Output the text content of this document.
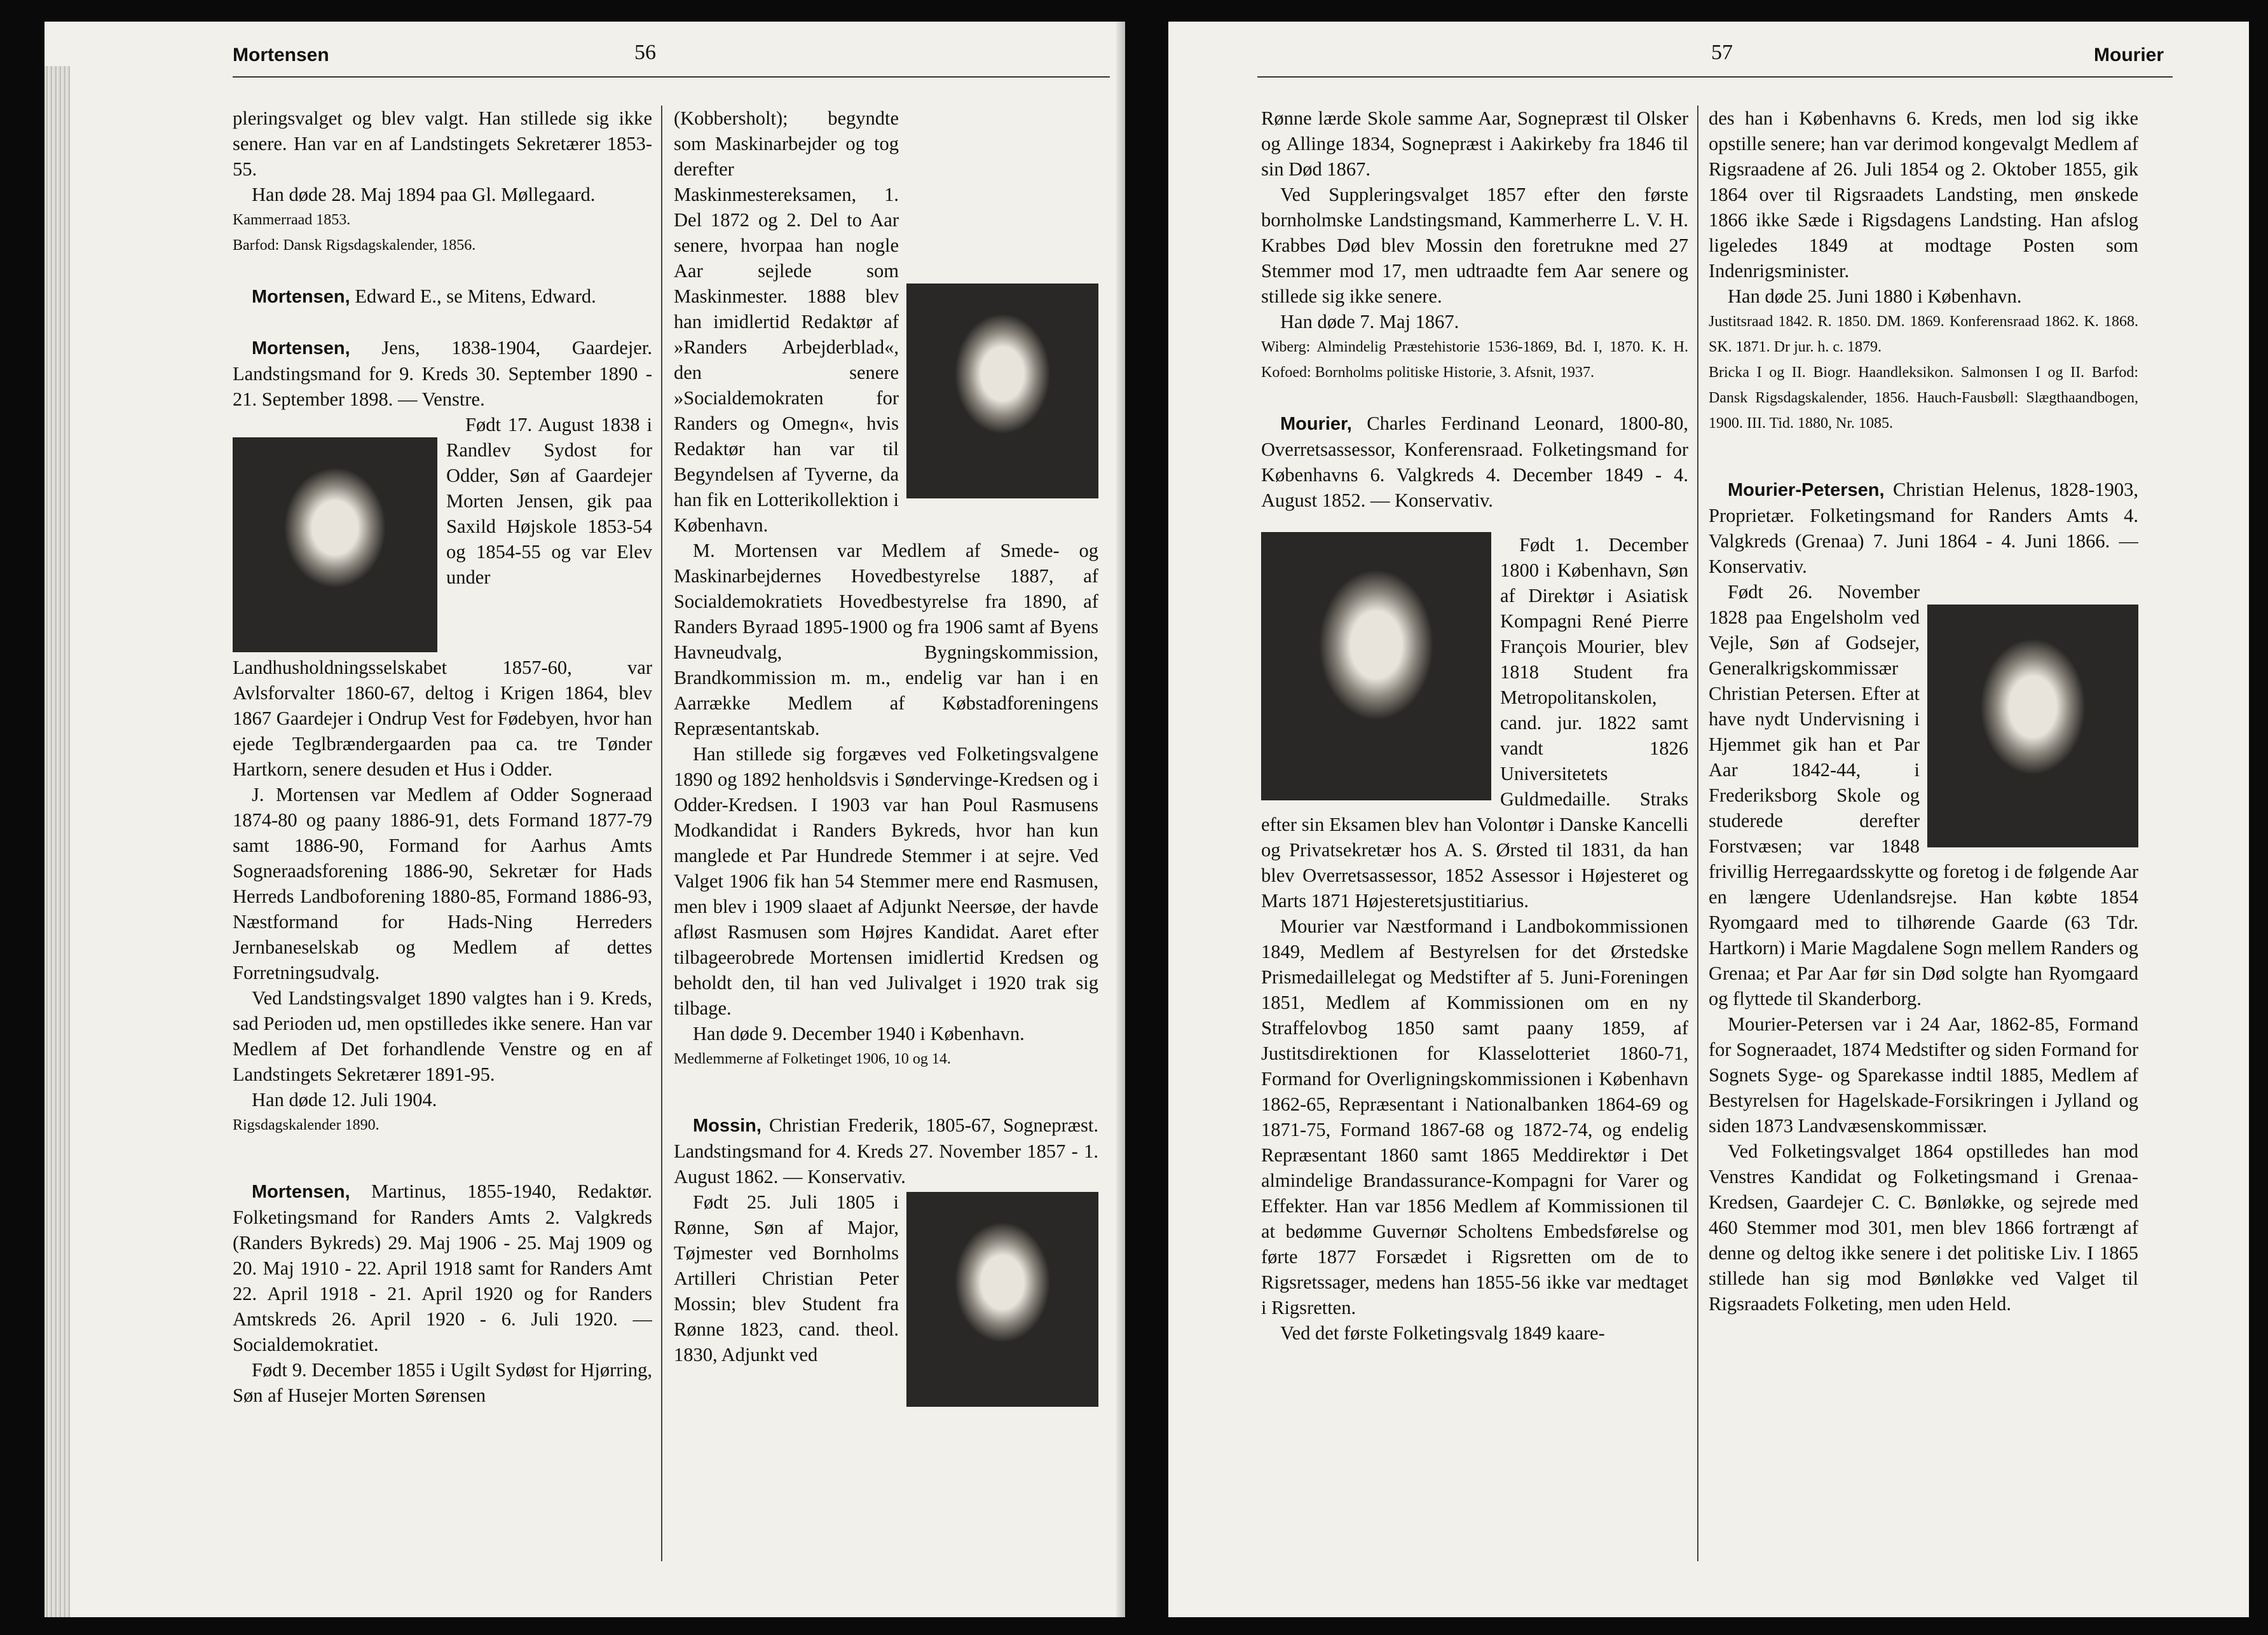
Mortensen	56

pleringsvalget og blev valgt. Han stillede sig ikke senere. Han var en af Landstingets Sekretærer 1853-55.

Han døde 28. Maj 1894 paa Gl. Møllegaard.

Kammerraad 1853.

Barfod: Dansk Rigsdagskalender, 1856.

Mortensen, Edward E., se Mitens, Edward.

Mortensen, Jens, 1838-1904, Gaardejer. Landstingsmand for 9. Kreds 30. September 1890 - 21. September 1898. — Venstre.

Født 17. August 1838 i Randlev Sydost for Odder, Søn af Gaardejer Morten Jensen, gik paa Saxild Højskole 1853-54 og 1854-55 og var Elev under Landhusholdningsselskabet 1857-60, var Avlsforvalter 1860-67, deltog i Krigen 1864, blev 1867 Gaardejer i Ondrup Vest for Fødebyen, hvor han ejede Teglbrændergaarden paa ca. tre Tønder Hartkorn, senere desuden et Hus i Odder.

J. Mortensen var Medlem af Odder Sogneraad 1874-80 og paany 1886-91, dets Formand 1877-79 samt 1886-90, Formand for Aarhus Amts Sogneraadsforening 1886-90, Sekretær for Hads Herreds Landboforening 1880-85, Formand 1886-93, Næstformand for Hads-Ning Herreders Jernbaneselskab og Medlem af dettes Forretningsudvalg.

Ved Landstingsvalget 1890 valgtes han i 9. Kreds, sad Perioden ud, men opstilledes ikke senere. Han var Medlem af Det forhandlende Venstre og en af Landstingets Sekretærer 1891-95.

Han døde 12. Juli 1904.

Rigsdagskalender 1890.

Mortensen, Martinus, 1855-1940, Redaktør. Folketingsmand for Randers Amts 2. Valgkreds (Randers Bykreds) 29. Maj 1906 - 25. Maj 1909 og 20. Maj 1910 - 22. April 1918 samt for Randers Amt 22. April 1918 - 21. April 1920 og for Randers Amtskreds 26. April 1920 - 6. Juli 1920. — Socialdemokratiet.

Født 9. December 1855 i Ugilt Sydøst for Hjørring, Søn af Husejer Morten Sørensen

(Kobbersholt); begyndte som Maskinarbejder og tog derefter Maskinmestereksamen, 1. Del 1872 og 2. Del to Aar senere, hvorpaa han nogle Aar sejlede som Maskinmester. 1888 blev han imidlertid Redaktør af »Randers Arbejderblad«, den senere »Socialdemokraten for Randers og Omegn«, hvis Redaktør han var til Begyndelsen af Tyverne, da han fik en Lotterikollektion i København.

M. Mortensen var Medlem af Smede- og Maskinarbejdernes Hovedbestyrelse 1887, af Socialdemokratiets Hovedbestyrelse fra 1890, af Randers Byraad 1895-1900 og fra 1906 samt af Byens Havneudvalg, Bygningskommission, Brandkommission m. m., endelig var han i en Aarrække Medlem af Købstadforeningens Repræsentantskab.

Han stillede sig forgæves ved Folketingsvalgene 1890 og 1892 henholdsvis i Søndervinge-Kredsen og i Odder-Kredsen. I 1903 var han Poul Rasmusens Modkandidat i Randers Bykreds, hvor han kun manglede et Par Hundrede Stemmer i at sejre. Ved Valget 1906 fik han 54 Stemmer mere end Rasmusen, men blev i 1909 slaaet af Adjunkt Neersøe, der havde afløst Rasmusen som Højres Kandidat. Aaret efter tilbageerobrede Mortensen imidlertid Kredsen og beholdt den, til han ved Julivalget i 1920 trak sig tilbage.

Han døde 9. December 1940 i København.

Medlemmerne af Folketinget 1906, 10 og 14.

Mossin, Christian Frederik, 1805-67, Sognepræst. Landstingsmand for 4. Kreds 27. November 1857 - 1. August 1862. — Konservativ.

Født 25. Juli 1805 i Rønne, Søn af Major, Tøjmester ved Bornholms Artilleri Christian Peter Mossin; blev Student fra Rønne 1823, cand. theol. 1830, Adjunkt ved

57	Mourier

Rønne lærde Skole samme Aar, Sognepræst til Olsker og Allinge 1834, Sognepræst i Aakirkeby fra 1846 til sin Død 1867.

Ved Suppleringsvalget 1857 efter den første bornholmske Landstingsmand, Kammerherre L. V. H. Krabbes Død blev Mossin den foretrukne med 27 Stemmer mod 17, men udtraadte fem Aar senere og stillede sig ikke senere.

Han døde 7. Maj 1867.

Wiberg: Almindelig Præstehistorie 1536-1869, Bd. I, 1870. K. H. Kofoed: Bornholms politiske Historie, 3. Afsnit, 1937.

Mourier, Charles Ferdinand Leonard, 1800-80, Overretsassessor, Konferensraad. Folketingsmand for Københavns 6. Valgkreds 4. December 1849 - 4. August 1852. — Konservativ.

Født 1. December 1800 i København, Søn af Direktør i Asiatisk Kompagni René Pierre François Mourier, blev 1818 Student fra Metropolitanskolen, cand. jur. 1822 samt vandt 1826 Universitetets Guldmedaille. Straks efter sin Eksamen blev han Volontør i Danske Kancelli og Privatsekretær hos A. S. Ørsted til 1831, da han blev Overretsassessor, 1852 Assessor i Højesteret og Marts 1871 Højesteretsjustitiarius.

Mourier var Næstformand i Landbokommissionen 1849, Medlem af Bestyrelsen for det Ørstedske Prismedaillelegat og Medstifter af 5. Juni-Foreningen 1851, Medlem af Kommissionen om en ny Straffelovbog 1850 samt paany 1859, af Justitsdirektionen for Klasselotteriet 1860-71, Formand for Overligningskommissionen i København 1862-65, Repræsentant i Nationalbanken 1864-69 og 1871-75, Formand 1867-68 og 1872-74, og endelig Repræsentant 1860 samt 1865 Meddirektør i Det almindelige Brandassurance-Kompagni for Varer og Effekter. Han var 1856 Medlem af Kommissionen til at bedømme Guvernør Scholtens Embedsførelse og førte 1877 Forsædet i Rigsretten om de to Rigsretssager, medens han 1855-56 ikke var medtaget i Rigsretten.

Ved det første Folketingsvalg 1849 kaare-

des han i Københavns 6. Kreds, men lod sig ikke opstille senere; han var derimod kongevalgt Medlem af Rigsraadene af 26. Juli 1854 og 2. Oktober 1855, gik 1864 over til Rigsraadets Landsting, men ønskede 1866 ikke Sæde i Rigsdagens Landsting. Han afslog ligeledes 1849 at modtage Posten som Indenrigsminister.

Han døde 25. Juni 1880 i København.

Justitsraad 1842. R. 1850. DM. 1869. Konferensraad 1862. K. 1868. SK. 1871. Dr jur. h. c. 1879.

Bricka I og II. Biogr. Haandleksikon. Salmonsen I og II. Barfod: Dansk Rigsdagskalender, 1856. Hauch-Fausbøll: Slægthaandbogen, 1900. III. Tid. 1880, Nr. 1085.

Mourier-Petersen, Christian Helenus, 1828-1903, Proprietær. Folketingsmand for Randers Amts 4. Valgkreds (Grenaa) 7. Juni 1864 - 4. Juni 1866. — Konservativ.

Født 26. November 1828 paa Engelsholm ved Vejle, Søn af Godsejer, Generalkrigskommissær Christian Petersen. Efter at have nydt Undervisning i Hjemmet gik han et Par Aar 1842-44, i Frederiksborg Skole og studerede derefter Forstvæsen; var 1848 frivillig Herregaardsskytte og foretog i de følgende Aar en længere Udenlandsrejse. Han købte 1854 Ryomgaard med to tilhørende Gaarde (63 Tdr. Hartkorn) i Marie Magdalene Sogn mellem Randers og Grenaa; et Par Aar før sin Død solgte han Ryomgaard og flyttede til Skanderborg.

Mourier-Petersen var i 24 Aar, 1862-85, Formand for Sogneraadet, 1874 Medstifter og siden Formand for Sognets Syge- og Sparekasse indtil 1885, Medlem af Bestyrelsen for Hagelskade-Forsikringen i Jylland og siden 1873 Landvæsenskommissær.

Ved Folketingsvalget 1864 opstilledes han mod Venstres Kandidat og Folketingsmand i Grenaa-Kredsen, Gaardejer C. C. Bønløkke, og sejrede med 460 Stemmer mod 301, men blev 1866 fortrængt af denne og deltog ikke senere i det politiske Liv. I 1865 stillede han sig mod Bønløkke ved Valget til Rigsraadets Folketing, men uden Held.
